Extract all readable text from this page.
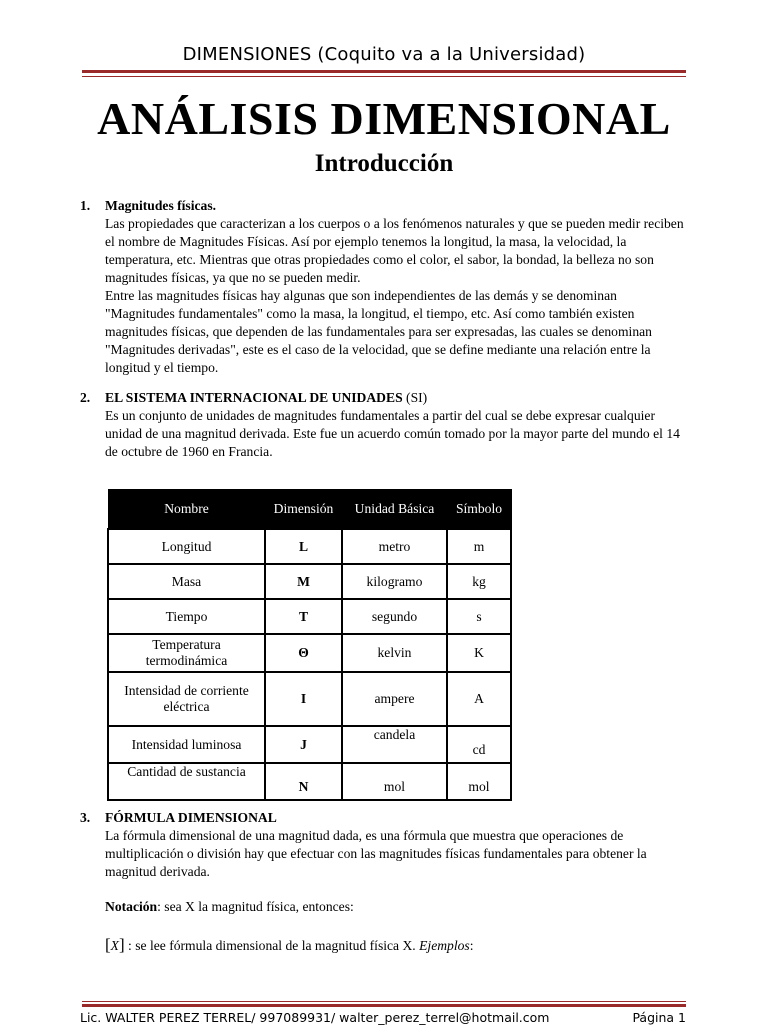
DIMENSIONES (Coquito va a la Universidad)
ANÁLISIS DIMENSIONAL
Introducción
1.	Magnitudes físicas.

Las propiedades que caracterizan a los cuerpos o a los fenómenos naturales y que se pueden medir reciben el nombre de Magnitudes Físicas. Así por ejemplo tenemos la longitud, la masa, la velocidad, la temperatura, etc. Mientras que otras propiedades como el color, el sabor, la bondad, la belleza no son magnitudes físicas, ya que no se pueden medir.

Entre las magnitudes físicas hay algunas que son independientes de las demás y se denominan "Magnitudes fundamentales" como la masa, la longitud, el tiempo, etc. Así como también existen magnitudes físicas, que dependen de las fundamentales para ser expresadas, las cuales se denominan "Magnitudes derivadas", este es el caso de la velocidad, que se define mediante una relación entre la longitud y el tiempo.

2.	EL SISTEMA INTERNACIONAL DE UNIDADES (SI)

Es un conjunto de unidades de magnitudes fundamentales a partir del cual se debe expresar cualquier unidad de una magnitud derivada. Este fue un acuerdo común tomado por la mayor parte del mundo el 14 de octubre de 1960 en Francia.

Nombre	Dimensión	Unidad Básica	Símbolo
Longitud	L	metro	m
Masa	M	kilogramo	kg
Tiempo	T	segundo	s
Temperatura termodinámica	Θ	kelvin	K
Intensidad de corriente eléctrica	I	ampere	A
Intensidad luminosa	J	candela	cd
Cantidad de sustancia	N	mol	mol
3.	FÓRMULA DIMENSIONAL

La fórmula dimensional de una magnitud dada, es una fórmula que muestra que operaciones de multiplicación o división hay que efectuar con las magnitudes físicas fundamentales para obtener la magnitud derivada.

Notación: sea X la magnitud física, entonces:
[X] : se lee fórmula dimensional de la magnitud física X. Ejemplos:
Lic. WALTER PEREZ TERREL/ 997089931/ walter_perez_terrel@hotmail.com	Página 1
